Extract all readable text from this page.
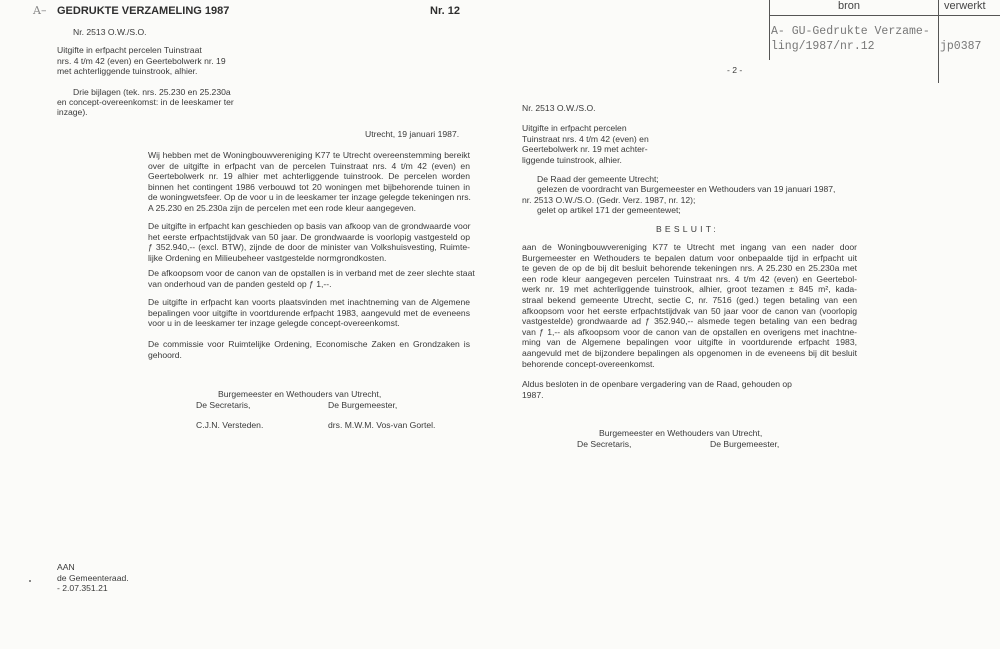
bron	verwerkt
A- GU-Gedrukte Verzame-
ling/1987/nr.12	jp0387
A– GEDRUKTE VERZAMELING 1987	Nr. 12
Nr. 2513 O.W./S.O.
Uitgifte in erfpacht percelen Tuinstraat
nrs. 4 t/m 42 (even) en Geertebolwerk nr. 19
met achterliggende tuinstrook, alhier.
Drie bijlagen (tek. nrs. 25.230 en 25.230a
en concept-overeenkomst: in de leeskamer ter
inzage).
Utrecht, 19 januari 1987.
Wij hebben met de Woningbouwvereniging K77 te Utrecht overeenstemming bereikt
over de uitgifte in erfpacht van de percelen Tuinstraat nrs. 4 t/m 42 (even) en
Geertebolwerk nr. 19 alhier met achterliggende tuinstrook. De percelen worden
binnen het contingent 1986 verbouwd tot 20 woningen met bijbehorende tuinen in
de woningwetsfeer. Op de voor u in de leeskamer ter inzage gelegde tekeningen nrs.
A 25.230 en 25.230a zijn de percelen met een rode kleur aangegeven.
De uitgifte in erfpacht kan geschieden op basis van afkoop van de grondwaarde voor
het eerste erfpachtstijdvak van 50 jaar. De grondwaarde is voorlopig vastgesteld op
ƒ 352.940,-- (excl. BTW), zijnde de door de minister van Volkshuisvesting, Ruimte-
lijke Ordening en Milieubeheer vastgestelde normgrondkosten.
De afkoopsom voor de canon van de opstallen is in verband met de zeer slechte staat
van onderhoud van de panden gesteld op ƒ 1,--.
De uitgifte in erfpacht kan voorts plaatsvinden met inachtneming van de Algemene
bepalingen voor uitgifte in voortdurende erfpacht 1983, aangevuld met de eveneens
voor u in de leeskamer ter inzage gelegde concept-overeenkomst.
De commissie voor Ruimtelijke Ordening, Economische Zaken en Grondzaken is
gehoord.
Burgemeester en Wethouders van Utrecht,
De Secretaris,	De Burgemeester,
C.J.N. Versteden.	drs. M.W.M. Vos-van Gortel.
AAN
de Gemeenteraad.
- 2.07.351.21
- 2 -
Nr. 2513 O.W./S.O.
Uitgifte in erfpacht percelen
Tuinstraat nrs. 4 t/m 42 (even) en
Geertebolwerk nr. 19 met achter-
liggende tuinstrook, alhier.
De Raad der gemeente Utrecht;
gelezen de voordracht van Burgemeester en Wethouders van 19 januari 1987,
nr. 2513 O.W./S.O. (Gedr. Verz. 1987, nr. 12);
gelet op artikel 171 der gemeentewet;
BESLUIT:
aan de Woningbouwvereniging K77 te Utrecht met ingang van een nader door
Burgemeester en Wethouders te bepalen datum voor onbepaalde tijd in erfpacht uit
te geven de op de bij dit besluit behorende tekeningen nrs. A 25.230 en 25.230a met
een rode kleur aangegeven percelen Tuinstraat nrs. 4 t/m 42 (even) en Geertebol-
werk nr. 19 met achterliggende tuinstrook, alhier, groot tezamen ± 845 m², kada-
straal bekend gemeente Utrecht, sectie C, nr. 7516 (ged.) tegen betaling van een
afkoopsom voor het eerste erfpachtstijdvak van 50 jaar voor de canon van (voorlopig
vastgestelde) grondwaarde ad ƒ 352.940,-- alsmede tegen betaling van een bedrag
van ƒ 1,-- als afkoopsom voor de canon van de opstallen en overigens met inachtne-
ming van de Algemene bepalingen voor uitgifte in voortdurende erfpacht 1983,
aangevuld met de bijzondere bepalingen als opgenomen in de eveneens bij dit besluit
behorende concept-overeenkomst.
Aldus besloten in de openbare vergadering van de Raad, gehouden op
1987.
Burgemeester en Wethouders van Utrecht,
De Secretaris,	De Burgemeester,
